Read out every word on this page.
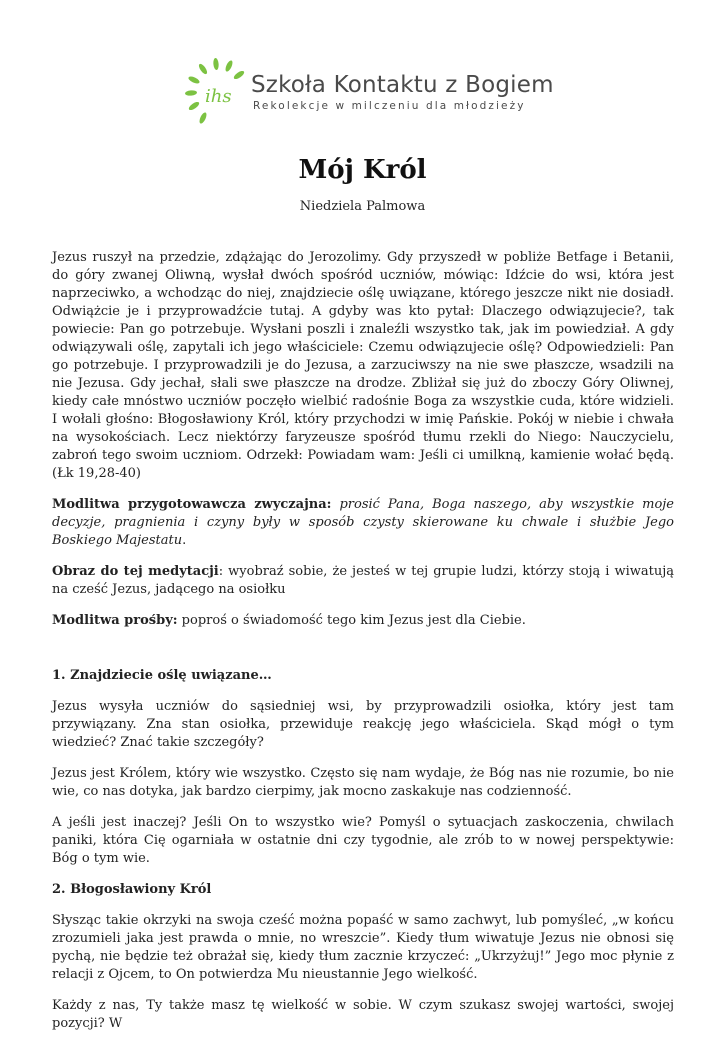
ihs Szkoła Kontaktu z Bogiem
Rekolekcje w milczeniu dla młodzieży
Mój Król

Niedziela Palmowa

Jezus ruszył na przedzie, zdążając do Jerozolimy. Gdy przyszedł w pobliże Betfage i Betanii, do góry zwanej Oliwną, wysłał dwóch spośród uczniów, mówiąc: Idźcie do wsi, która jest naprzeciwko, a wchodząc do niej, znajdziecie oślę uwiązane, którego jeszcze nikt nie dosiadł. Odwiążcie je i przyprowadźcie tutaj. A gdyby was kto pytał: Dlaczego odwiązujecie?, tak powiecie: Pan go potrzebuje. Wysłani poszli i znaleźli wszystko tak, jak im powiedział. A gdy odwiązywali oślę, zapytali ich jego właściciele: Czemu odwiązujecie oślę? Odpowiedzieli: Pan go potrzebuje. I przyprowadzili je do Jezusa, a zarzuciwszy na nie swe płaszcze, wsadzili na nie Jezusa. Gdy jechał, słali swe płaszcze na drodze. Zbliżał się już do zboczy Góry Oliwnej, kiedy całe mnóstwo uczniów poczęło wielbić radośnie Boga za wszystkie cuda, które widzieli. I wołali głośno: Błogosławiony Król, który przychodzi w imię Pańskie. Pokój w niebie i chwała na wysokościach. Lecz niektórzy faryzeusze spośród tłumu rzekli do Niego: Nauczycielu, zabroń tego swoim uczniom. Odrzekł: Powiadam wam: Jeśli ci umilkną, kamienie wołać będą. (Łk 19,28-40)

Modlitwa przygotowawcza zwyczajna: prosić Pana, Boga naszego, aby wszystkie moje decyzje, pragnienia i czyny były w sposób czysty skierowane ku chwale i służbie Jego Boskiego Majestatu.

Obraz do tej medytacji: wyobraź sobie, że jesteś w tej grupie ludzi, którzy stoją i wiwatują na cześć Jezus, jadącego na osiołku

Modlitwa prośby: poproś o świadomość tego kim Jezus jest dla Ciebie.

1. Znajdziecie oślę uwiązane…

Jezus wysyła uczniów do sąsiedniej wsi, by przyprowadzili osiołka, który jest tam przywiązany. Zna stan osiołka, przewiduje reakcję jego właściciela. Skąd mógł o tym wiedzieć? Znać takie szczegóły?

Jezus jest Królem, który wie wszystko. Często się nam wydaje, że Bóg nas nie rozumie, bo nie wie, co nas dotyka, jak bardzo cierpimy, jak mocno zaskakuje nas codzienność.

A jeśli jest inaczej? Jeśli On to wszystko wie? Pomyśl o sytuacjach zaskoczenia, chwilach paniki, która Cię ogarniała w ostatnie dni czy tygodnie, ale zrób to w nowej perspektywie: Bóg o tym wie.

2. Błogosławiony Król

Słysząc takie okrzyki na swoja cześć można popaść w samo zachwyt, lub pomyśleć, „w końcu zrozumieli jaka jest prawda o mnie, no wreszcie”. Kiedy tłum wiwatuje Jezus nie obnosi się pychą, nie będzie też obrażał się, kiedy tłum zacznie krzyczeć: „Ukrzyżuj!” Jego moc płynie z relacji z Ojcem, to On potwierdza Mu nieustannie Jego wielkość.

Każdy z nas, Ty także masz tę wielkość w sobie. W czym szukasz swojej wartości, swojej pozycji? W
